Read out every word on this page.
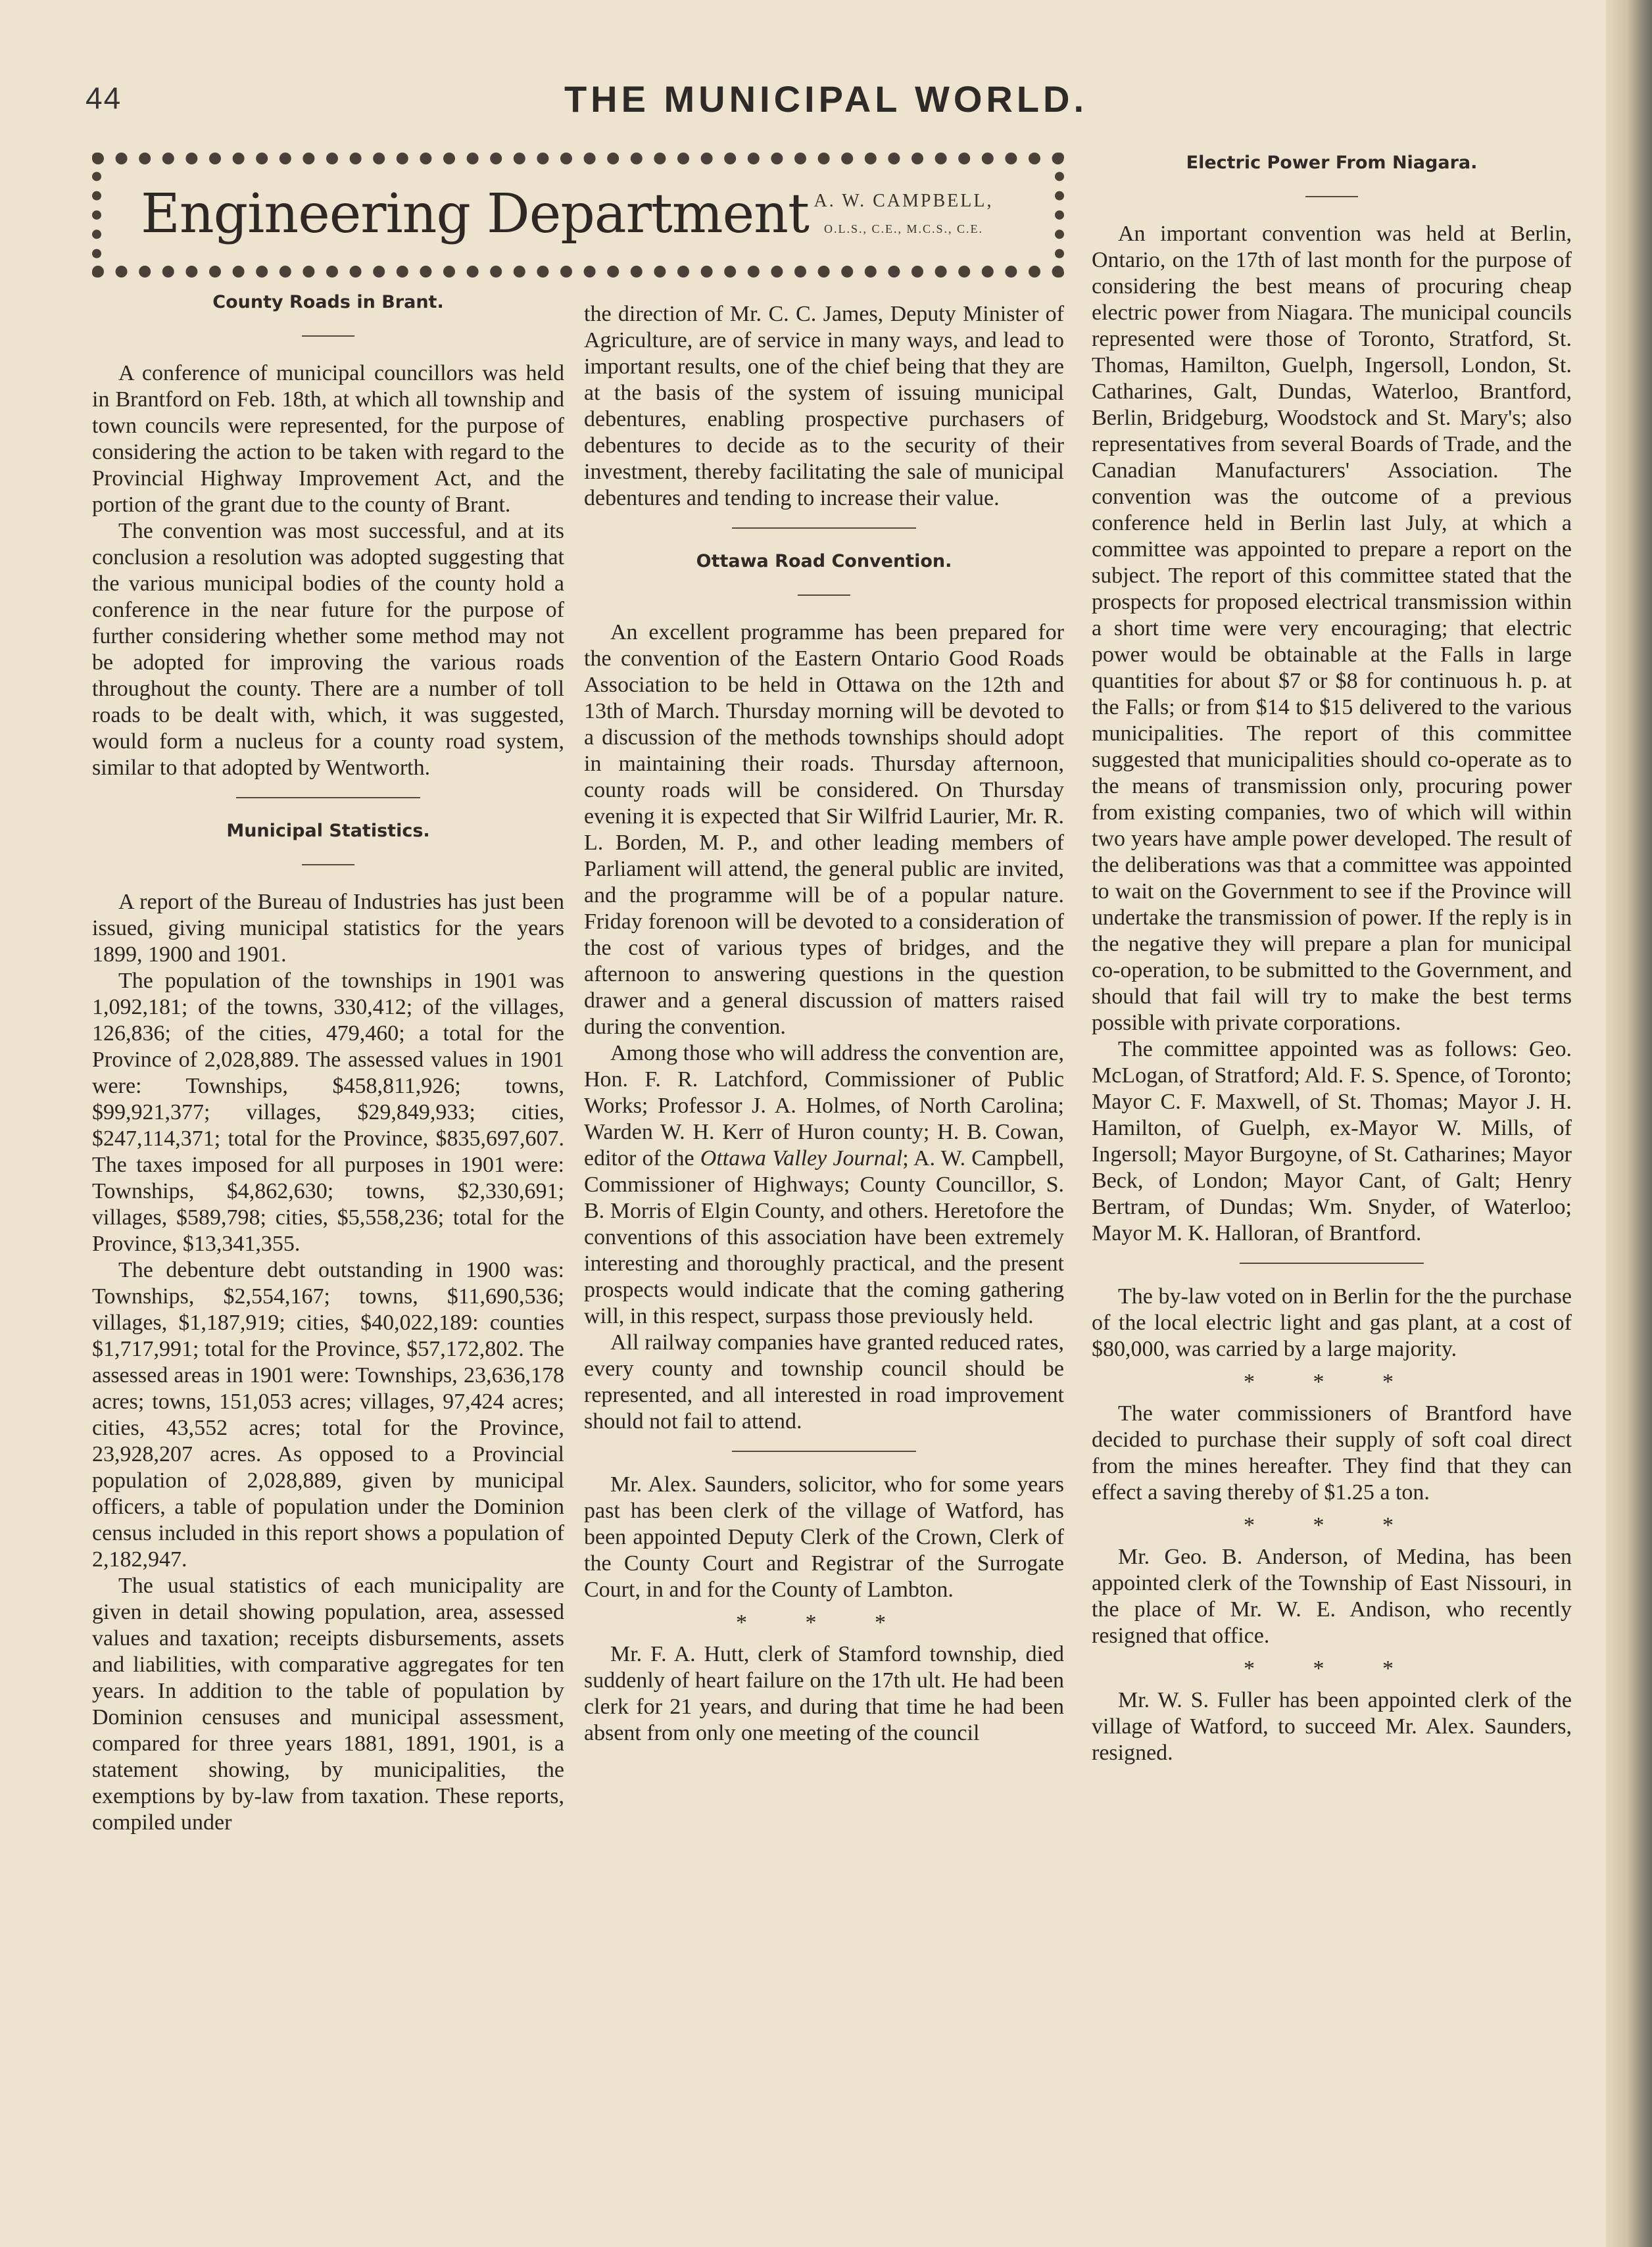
44	THE MUNICIPAL WORLD.
Engineering Department A. W. CAMPBELL,
O.L.S., C.E., M.C.S., C.E.
County Roads in Brant.

A conference of municipal councillors was held in Brantford on Feb. 18th, at which all township and town councils were represented, for the purpose of considering the action to be taken with regard to the Provincial Highway Improvement Act, and the portion of the grant due to the county of Brant.

The convention was most successful, and at its conclusion a resolution was adopted suggesting that the various municipal bodies of the county hold a conference in the near future for the purpose of further considering whether some method may not be adopted for improving the various roads throughout the county. There are a number of toll roads to be dealt with, which, it was suggested, would form a nucleus for a county road system, similar to that adopted by Wentworth.

Municipal Statistics.

A report of the Bureau of Industries has just been issued, giving municipal statistics for the years 1899, 1900 and 1901.

The population of the townships in 1901 was 1,092,181; of the towns, 330,412; of the villages, 126,836; of the cities, 479,460; a total for the Province of 2,028,889. The assessed values in 1901 were: Townships, $458,811,926; towns, $99,921,377; villages, $29,849,933; cities, $247,114,371; total for the Province, $835,697,607. The taxes imposed for all purposes in 1901 were: Townships, $4,862,630; towns, $2,330,691; villages, $589,798; cities, $5,558,236; total for the Province, $13,341,355.

The debenture debt outstanding in 1900 was: Townships, $2,554,167; towns, $11,690,536; villages, $1,187,919; cities, $40,022,189: counties $1,717,991; total for the Province, $57,172,802. The assessed areas in 1901 were: Townships, 23,636,178 acres; towns, 151,053 acres; villages, 97,424 acres; cities, 43,552 acres; total for the Province, 23,928,207 acres. As opposed to a Provincial population of 2,028,889, given by municipal officers, a table of population under the Dominion census included in this report shows a population of 2,182,947.

The usual statistics of each municipality are given in detail showing population, area, assessed values and taxation; receipts disbursements, assets and liabilities, with comparative aggregates for ten years. In addition to the table of population by Dominion censuses and municipal assessment, compared for three years 1881, 1891, 1901, is a statement showing, by municipalities, the exemptions by by-law from taxation. These reports, compiled under

the direction of Mr. C. C. James, Deputy Minister of Agriculture, are of service in many ways, and lead to important results, one of the chief being that they are at the basis of the system of issuing municipal debentures, enabling prospective purchasers of debentures to decide as to the security of their investment, thereby facilitating the sale of municipal debentures and tending to increase their value.

Ottawa Road Convention.

An excellent programme has been prepared for the convention of the Eastern Ontario Good Roads Association to be held in Ottawa on the 12th and 13th of March. Thursday morning will be devoted to a discussion of the methods townships should adopt in maintaining their roads. Thursday afternoon, county roads will be considered. On Thursday evening it is expected that Sir Wilfrid Laurier, Mr. R. L. Borden, M. P., and other leading members of Parliament will attend, the general public are invited, and the programme will be of a popular nature. Friday forenoon will be devoted to a consideration of the cost of various types of bridges, and the afternoon to answering questions in the question drawer and a general discussion of matters raised during the convention.

Among those who will address the convention are, Hon. F. R. Latchford, Commissioner of Public Works; Professor J. A. Holmes, of North Carolina; Warden W. H. Kerr of Huron county; H. B. Cowan, editor of the Ottawa Valley Journal; A. W. Campbell, Commissioner of Highways; County Councillor, S. B. Morris of Elgin County, and others. Heretofore the conventions of this association have been extremely interesting and thoroughly practical, and the present prospects would indicate that the coming gathering will, in this respect, surpass those previously held.

All railway companies have granted reduced rates, every county and township council should be represented, and all interested in road improvement should not fail to attend.

Mr. Alex. Saunders, solicitor, who for some years past has been clerk of the village of Watford, has been appointed Deputy Clerk of the Crown, Clerk of the County Court and Registrar of the Surrogate Court, in and for the County of Lambton.

* * *

Mr. F. A. Hutt, clerk of Stamford township, died suddenly of heart failure on the 17th ult. He had been clerk for 21 years, and during that time he had been absent from only one meeting of the council

Electric Power From Niagara.

An important convention was held at Berlin, Ontario, on the 17th of last month for the purpose of considering the best means of procuring cheap electric power from Niagara. The municipal councils represented were those of Toronto, Stratford, St. Thomas, Hamilton, Guelph, Ingersoll, London, St. Catharines, Galt, Dundas, Waterloo, Brantford, Berlin, Bridgeburg, Woodstock and St. Mary's; also representatives from several Boards of Trade, and the Canadian Manufacturers' Association. The convention was the outcome of a previous conference held in Berlin last July, at which a committee was appointed to prepare a report on the subject. The report of this committee stated that the prospects for proposed electrical transmission within a short time were very encouraging; that electric power would be obtainable at the Falls in large quantities for about $7 or $8 for continuous h. p. at the Falls; or from $14 to $15 delivered to the various municipalities. The report of this committee suggested that municipalities should co-operate as to the means of transmission only, procuring power from existing companies, two of which will within two years have ample power developed. The result of the deliberations was that a committee was appointed to wait on the Government to see if the Province will undertake the transmission of power. If the reply is in the negative they will prepare a plan for municipal co-operation, to be submitted to the Government, and should that fail will try to make the best terms possible with private corporations.

The committee appointed was as follows: Geo. McLogan, of Stratford; Ald. F. S. Spence, of Toronto; Mayor C. F. Maxwell, of St. Thomas; Mayor J. H. Hamilton, of Guelph, ex-Mayor W. Mills, of Ingersoll; Mayor Burgoyne, of St. Catharines; Mayor Beck, of London; Mayor Cant, of Galt; Henry Bertram, of Dundas; Wm. Snyder, of Waterloo; Mayor M. K. Halloran, of Brantford.

The by-law voted on in Berlin for the the purchase of the local electric light and gas plant, at a cost of $80,000, was carried by a large majority.

* * *

The water commissioners of Brantford have decided to purchase their supply of soft coal direct from the mines hereafter. They find that they can effect a saving thereby of $1.25 a ton.

* * *

Mr. Geo. B. Anderson, of Medina, has been appointed clerk of the Township of East Nissouri, in the place of Mr. W. E. Andison, who recently resigned that office.

* * *

Mr. W. S. Fuller has been appointed clerk of the village of Watford, to succeed Mr. Alex. Saunders, resigned.
